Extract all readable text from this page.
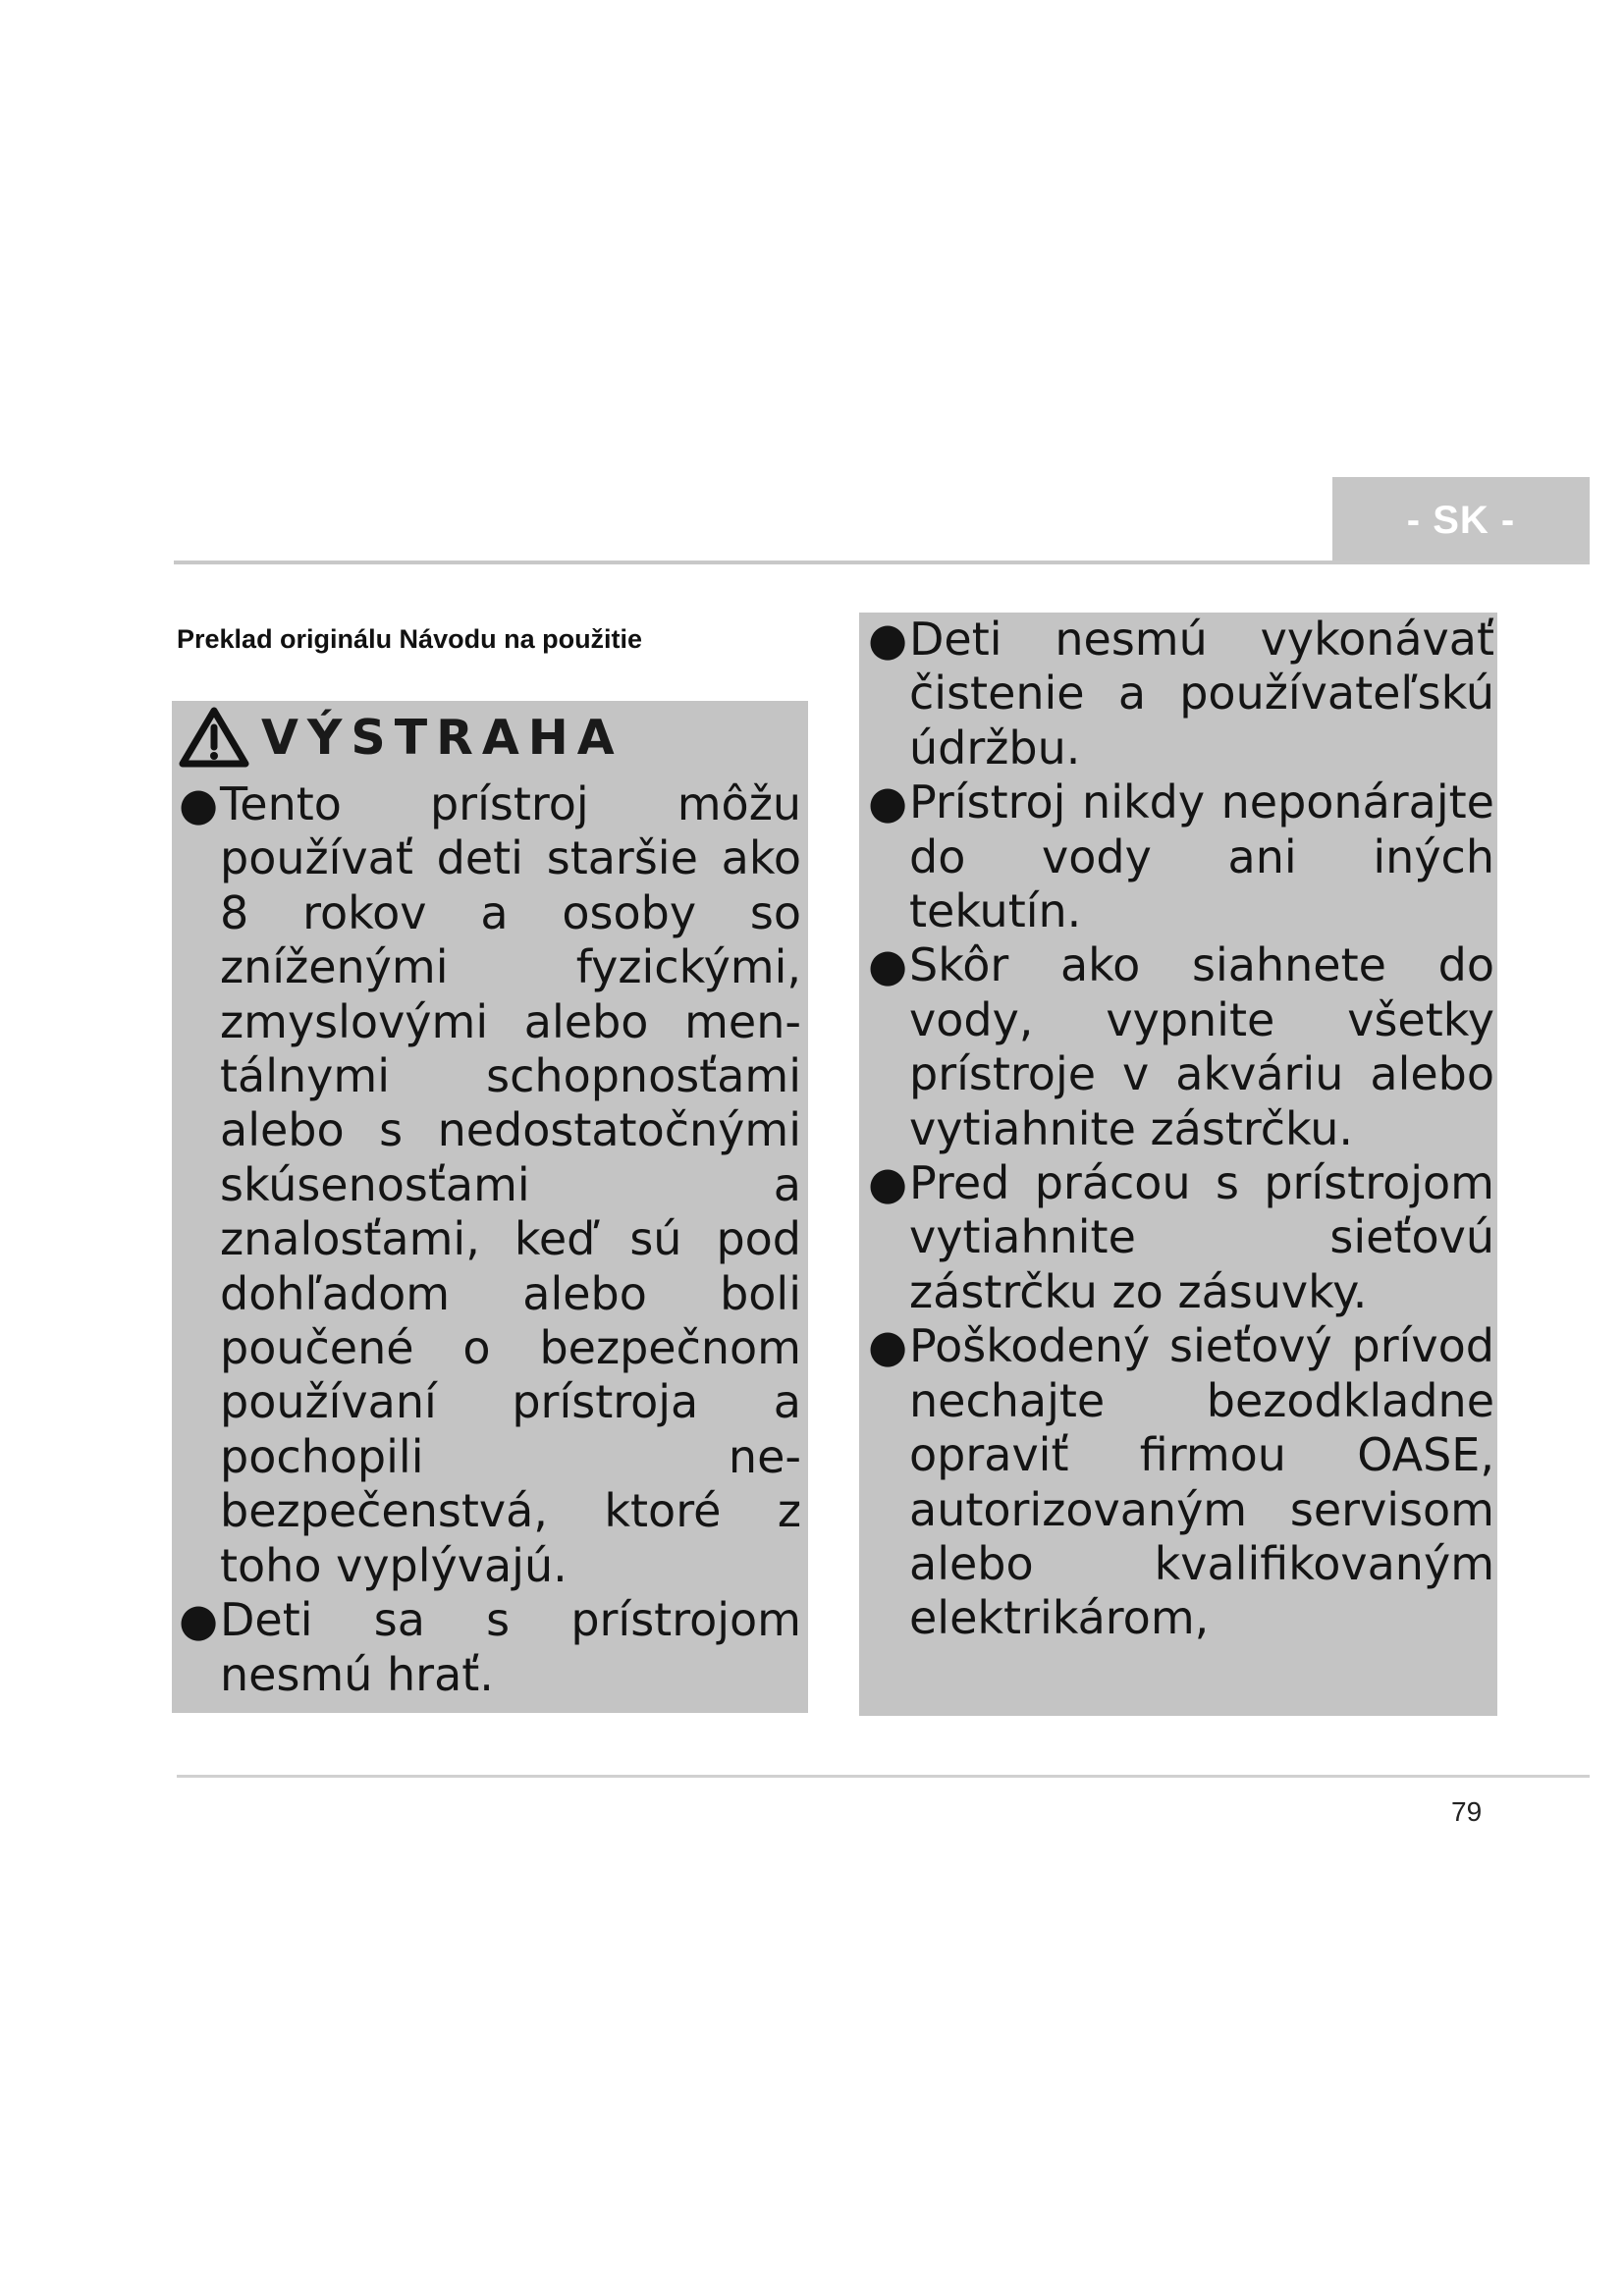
- SK -
Preklad originálu Návodu na použitie
VÝSTRAHA
● Tento prístroj môžu používať deti staršie ako 8 rokov a osoby so zníženými fyzickými, zmyslovými alebo mentálnymi schopnosťami alebo s nedostatočnými skúsenosťami a znalosťami, keď sú pod dohľadom alebo boli poučené o bezpečnom používaní prístroja a pochopili nebezpečenstvá, ktoré z toho vyplývajú.
● Deti sa s prístrojom nesmú hrať.
● Deti nesmú vykonávať čistenie a používateľskú údržbu.
● Prístroj nikdy neponárajte do vody ani iných tekutín.
● Skôr ako siahnete do vody, vypnite všetky prístroje v akváriu alebo vytiahnite zástrčku.
● Pred prácou s prístrojom vytiahnite sieťovú zástrčku zo zásuvky.
● Poškodený sieťový prívod nechajte bezodkladne opraviť firmou OASE, autorizovaným servisom alebo kvalifikovaným elektrikárom,
79
